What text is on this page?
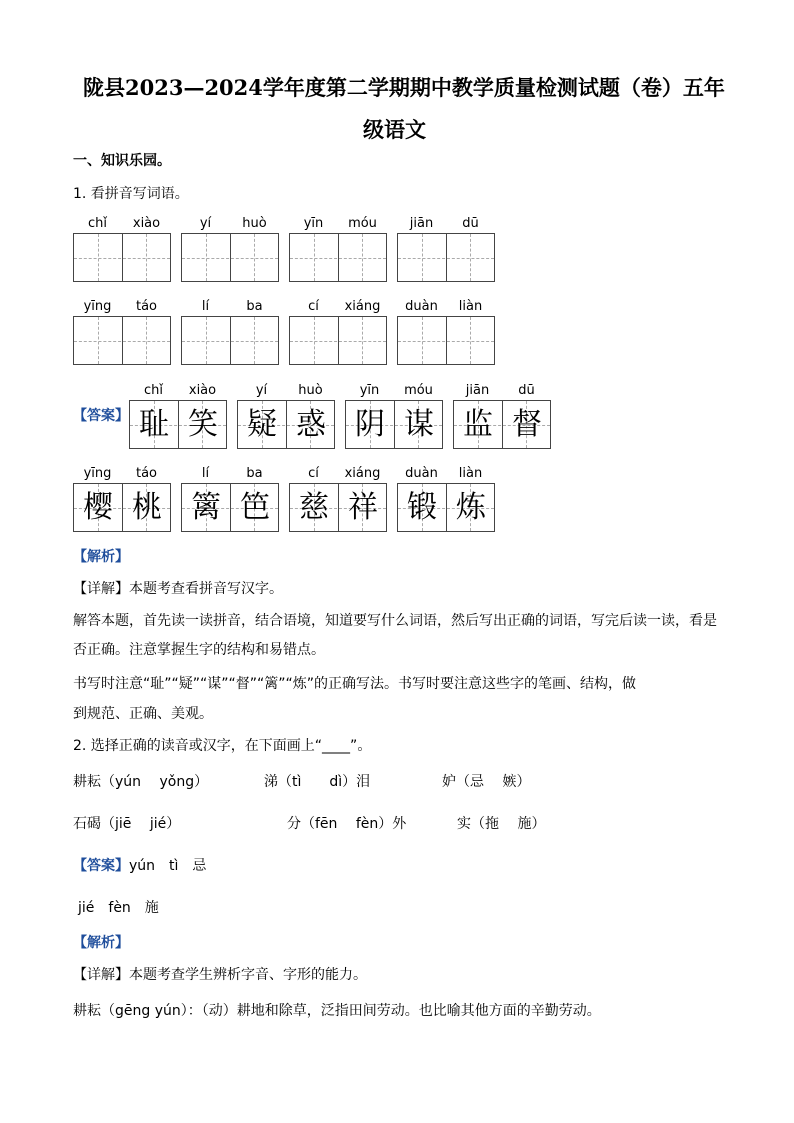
陇县2023—2024学年度第二学期期中教学质量检测试题（卷）五年
级语文
一、知识乐园。
1. 看拼音写词语。
chǐ	xiào	yí	huò	yīn	móu	jiān	dū
yīng	táo	lí	ba	cí	xiáng	duàn	liàn
【答案】
chǐ	xiào
耻 笑
yí	huò
疑 惑
yīn	móu
阴 谋
jiān	dū
监 督
yīng	táo
樱 桃
lí	ba
篱 笆
cí	xiáng
慈 祥
duàn	liàn
锻 炼
【解析】
【详解】本题考查看拼音写汉字。
解答本题，首先读一读拼音，结合语境，知道要写什么词语，然后写出正确的词语，写完后读一读，看是
否正确。注意掌握生字的结构和易错点。
书写时注意“耻”“疑”“谋”“督”“篱”“炼”的正确写法。书写时要注意这些字的笔画、结构，做
到规范、正确、美观。
2. 选择正确的读音或汉字，在下面画上“____”。
耕耘（yún　 yǒng）	涕（tì　　dì）泪	妒（忌　 嫉）
石碣（jiē　 jié）	分（fēn　 fèn）外	实（拖　 施）
【答案】yún　tì　忌
jié　fèn　施
【解析】
【详解】本题考查学生辨析字音、字形的能力。
耕耘（gēng yún）：（动）耕地和除草，泛指田间劳动。也比喻其他方面的辛勤劳动。
